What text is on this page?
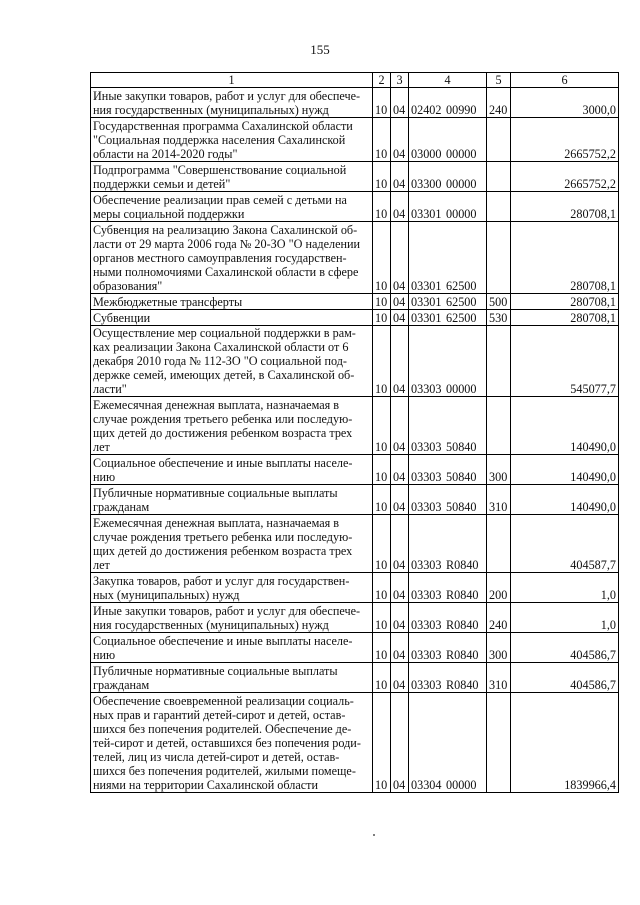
155
1	2	3	4	5	6
Иные закупки товаров, работ и услуг для обеспече-ния государственных (муниципальных) нужд	10	04	02402 00990	240	3000,0
Государственная программа Сахалинской области "Социальная поддержка населения Сахалинской области на 2014-2020 годы"	10	04	03000 00000		2665752,2
Подпрограмма "Совершенствование социальной поддержки семьи и детей"	10	04	03300 00000		2665752,2
Обеспечение реализации прав семей с детьми на меры социальной поддержки	10	04	03301 00000		280708,1
Субвенция на реализацию Закона Сахалинской об-ласти от 29 марта 2006 года № 20-ЗО "О наделении органов местного самоуправления государствен-ными полномочиями Сахалинской области в сфере образования"	10	04	03301 62500		280708,1
Межбюджетные трансферты	10	04	03301 62500	500	280708,1
Субвенции	10	04	03301 62500	530	280708,1
Осуществление мер социальной поддержки в рам-ках реализации Закона Сахалинской области от 6 декабря 2010 года № 112-ЗО "О социальной под-держке семей, имеющих детей, в Сахалинской об-ласти"	10	04	03303 00000		545077,7
Ежемесячная денежная выплата, назначаемая в случае рождения третьего ребенка или последую-щих детей до достижения ребенком возраста трех лет	10	04	03303 50840		140490,0
Социальное обеспечение и иные выплаты населе-нию	10	04	03303 50840	300	140490,0
Публичные нормативные социальные выплаты гражданам	10	04	03303 50840	310	140490,0
Ежемесячная денежная выплата, назначаемая в случае рождения третьего ребенка или последую-щих детей до достижения ребенком возраста трех лет	10	04	03303 R0840		404587,7
Закупка товаров, работ и услуг для государствен-ных (муниципальных) нужд	10	04	03303 R0840	200	1,0
Иные закупки товаров, работ и услуг для обеспече-ния государственных (муниципальных) нужд	10	04	03303 R0840	240	1,0
Социальное обеспечение и иные выплаты населе-нию	10	04	03303 R0840	300	404586,7
Публичные нормативные социальные выплаты гражданам	10	04	03303 R0840	310	404586,7
Обеспечение своевременной реализации социаль-ных прав и гарантий детей-сирот и детей, остав-шихся без попечения родителей. Обеспечение де-тей-сирот и детей, оставшихся без попечения роди-телей, лиц из числа детей-сирот и детей, остав-шихся без попечения родителей, жилыми помеще-ниями на территории Сахалинской области	10	04	03304 00000		1839966,4
